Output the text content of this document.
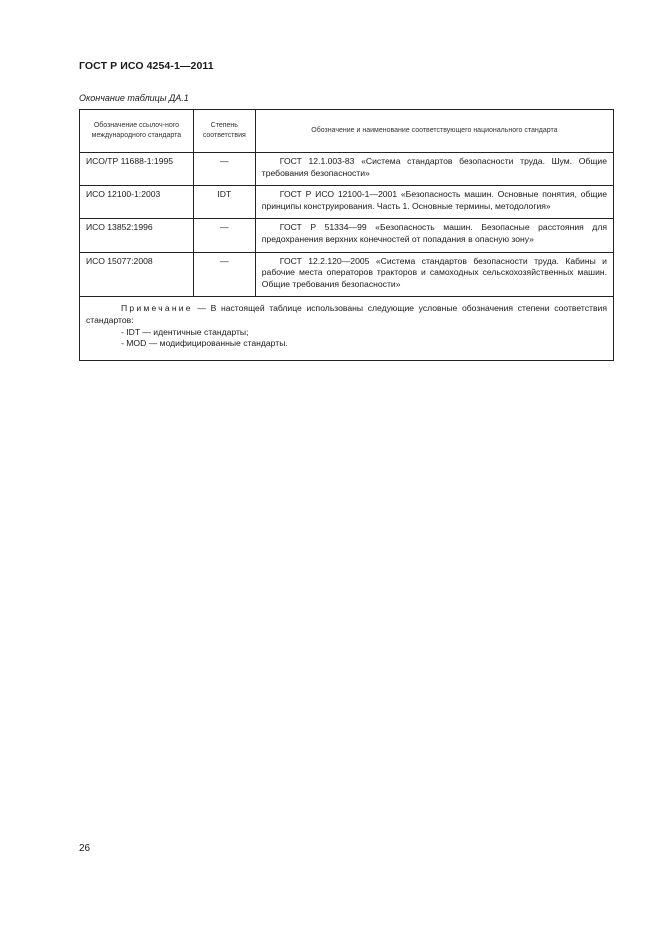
ГОСТ Р ИСО 4254-1—2011
Окончание таблицы ДА.1
Обозначение ссылоч-ного международного стандарта	Степень соответствия	Обозначение и наименование соответствующего национального стандарта
ИСО/ТР 11688-1:1995	—	ГОСТ 12.1.003-83 «Система стандартов безопасности труда. Шум. Общие требования безопасности»
ИСО 12100-1:2003	IDT	ГОСТ Р ИСО 12100-1—2001 «Безопасность машин. Основные понятия, общие принципы конструирования. Часть 1. Основные термины, методология»
ИСО 13852:1996	—	ГОСТ Р 51334—99 «Безопасность машин. Безопасные расстояния для предохранения верхних конечностей от попадания в опасную зону»
ИСО 15077:2008	—	ГОСТ 12.2.120—2005 «Система стандартов безопасности труда. Кабины и рабочие места операторов тракторов и самоходных сельскохозяйственных машин. Общие требования безопасности»

Примечание — В настоящей таблице использованы следующие условные обозначения степени соответствия стандартов:
- IDT — идентичные стандарты;
- MOD — модифицированные стандарты.		
26
